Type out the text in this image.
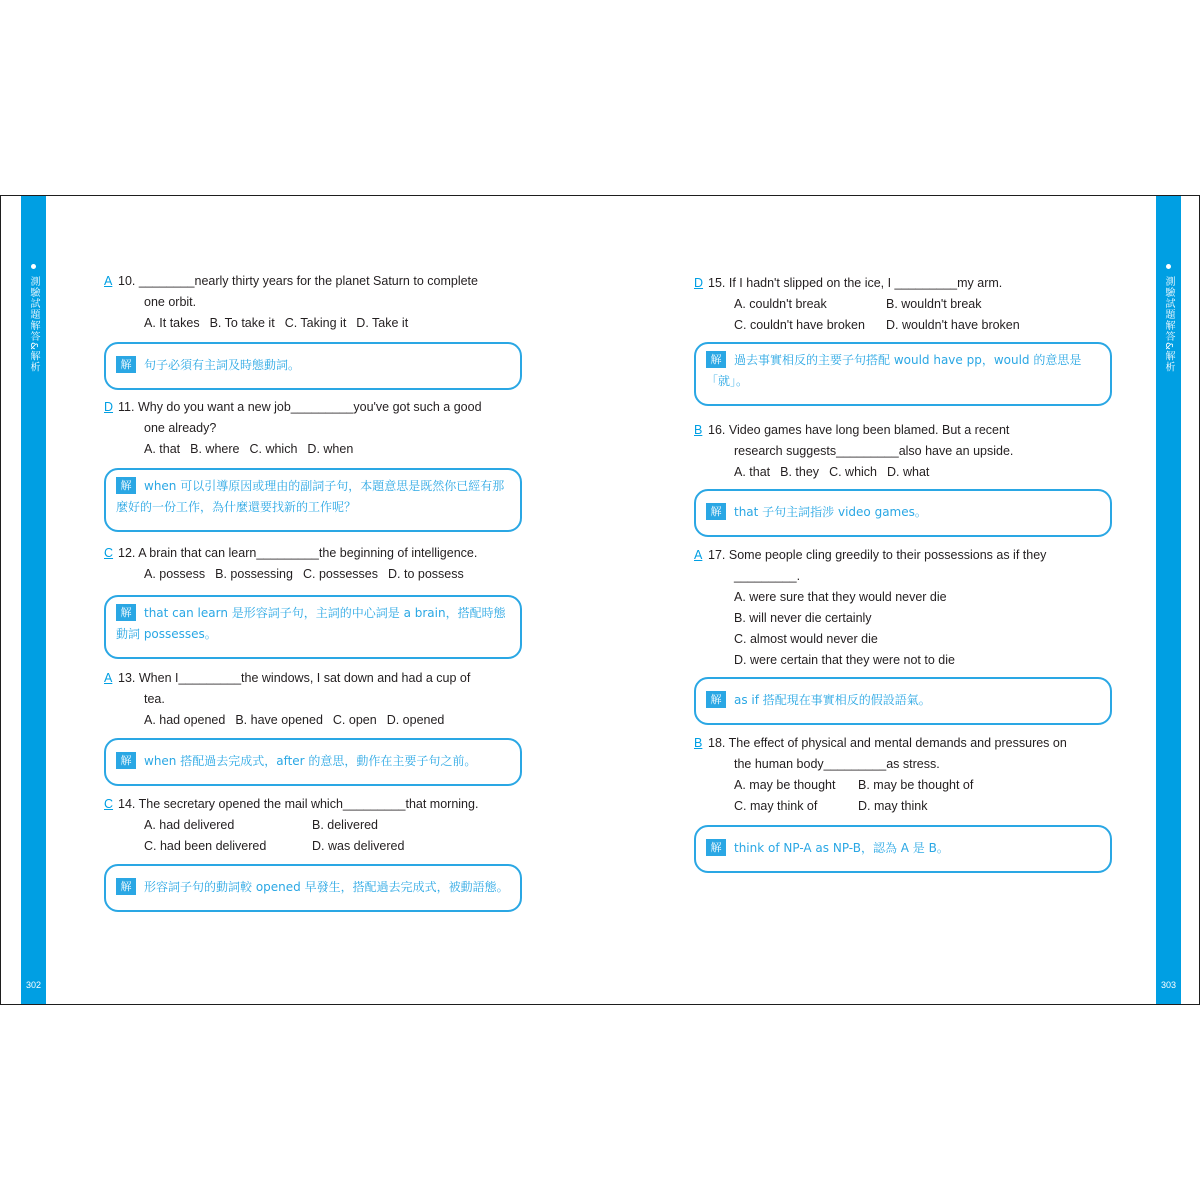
測驗試題解答&解析
302
測驗試題解答&解析
303
A 10. ________nearly thirty years for the planet Saturn to complete
one orbit.
A. It takes B. To take it C. Taking it D. Take it
解 句子必須有主詞及時態動詞。
D 11. Why do you want a new job_________you've got such a good
one already?
A. that B. where C. which D. when
解 when 可以引導原因或理由的副詞子句，本題意思是既然你已經有那麼好的一份工作，為什麼還要找新的工作呢？
C 12. A brain that can learn_________the beginning of intelligence.
A. possess B. possessing C. possesses D. to possess
解 that can learn 是形容詞子句，主詞的中心詞是 a brain，搭配時態動詞 possesses。
A 13. When I_________the windows, I sat down and had a cup of
tea.
A. had opened B. have opened C. open D. opened
解 when 搭配過去完成式，after 的意思，動作在主要子句之前。
C 14. The secretary opened the mail which_________that morning.
A. had delivered	B. delivered
C. had been delivered	D. was delivered
解 形容詞子句的動詞較 opened 早發生，搭配過去完成式，被動語態。
D 15. If I hadn't slipped on the ice, I _________my arm.
A. couldn't break	B. wouldn't break
C. couldn't have broken D. wouldn't have broken
解 過去事實相反的主要子句搭配 would have pp，would 的意思是「就」。
B 16. Video games have long been blamed. But a recent
research suggests_________also have an upside.
A. that B. they C. which D. what
解 that 子句主詞指涉 video games。
A 17. Some people cling greedily to their possessions as if they
_________.
A. were sure that they would never die
B. will never die certainly
C. almost would never die
D. were certain that they were not to die
解 as if 搭配現在事實相反的假設語氣。
B 18. The effect of physical and mental demands and pressures on
the human body_________as stress.
A. may be thought B. may be thought of
C. may think of	D. may think
解 think of NP-A as NP-B，認為 A 是 B。
